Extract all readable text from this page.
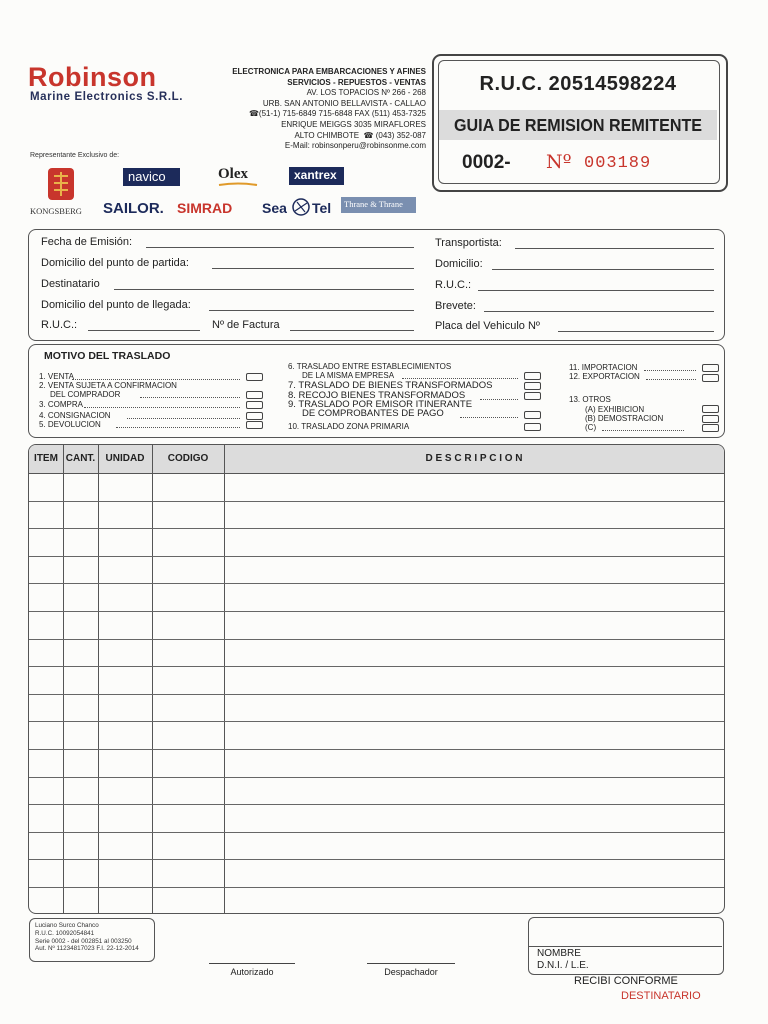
Robinson
Marine Electronics S.R.L.
Representante Exclusivo de:
KONGSBERG
navico	Olex	xantrex
SAILOR. SIMRAD Sea Tel Thrane & Thrane
ELECTRONICA PARA EMBARCACIONES Y AFINES
SERVICIOS - REPUESTOS - VENTAS
AV. LOS TOPACIOS Nº 266 - 268
URB. SAN ANTONIO BELLAVISTA - CALLAO
☎(51-1) 715-6849 715-6848 FAX (511) 453-7325
ENRIQUE MEIGGS 3035 MIRAFLORES
ALTO CHIMBOTE ☎ (043) 352-087
E-Mail: robinsonperu@robinsonme.com
R.U.C. 20514598224
GUIA DE REMISION REMITENTE
0002- Nº 003189
Fecha de Emisión:
Domicilio del punto de partida:
Destinatario
Domicilio del punto de llegada:
R.U.C.:	Nº de Factura
Transportista:
Domicilio:
R.U.C.:
Brevete:
Placa del Vehiculo Nº
MOTIVO DEL TRASLADO
1. VENTA
2. VENTA SUJETA A CONFIRMACION
DEL COMPRADOR
3. COMPRA
4. CONSIGNACION
5. DEVOLUCION
6. TRASLADO ENTRE ESTABLECIMIENTOS
DE LA MISMA EMPRESA
7. TRASLADO DE BIENES TRANSFORMADOS
8. RECOJO BIENES TRANSFORMADOS
9. TRASLADO POR EMISOR ITINERANTE
DE COMPROBANTES DE PAGO
10. TRASLADO ZONA PRIMARIA
11. IMPORTACION
12. EXPORTACION
13. OTROS
(A) EXHIBICION
(B) DEMOSTRACION
(C)
ITEM CANT.	UNIDAD	CODIGO	D E S C R I P C I O N
Luciano Surco Chanco
R.U.C. 10092054841
Serie 0002 - del 002851 al 003250
Aut. Nº 11234817023 F.I. 22-12-2014
Autorizado	Despachador
NOMBRE
D.N.I. / L.E.
RECIBI CONFORME
DESTINATARIO
